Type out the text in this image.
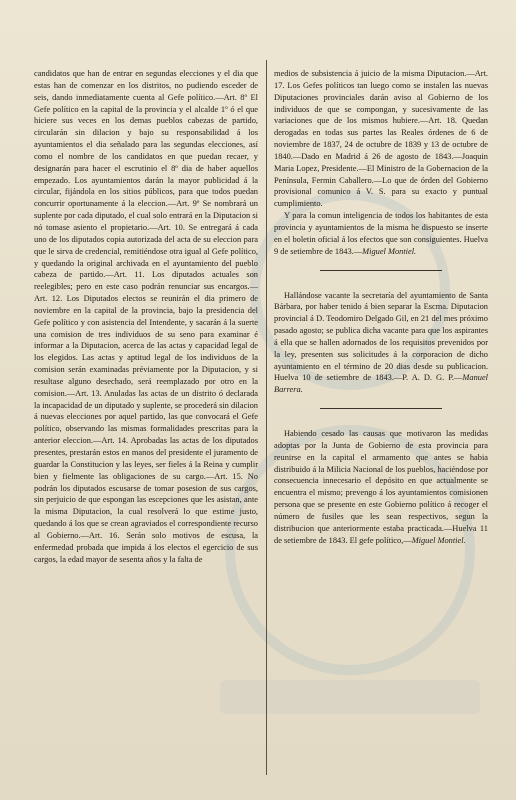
candidatos que han de entrar en segundas elecciones y el dia que estas han de comenzar en los distritos, no pudiendo esceder de seis, dando inmediatamente cuenta al Gefe político.—Art. 8º El Gefe político en la capital de la provincia y el alcalde 1º ó el que hiciere sus veces en los demas pueblos cabezas de partido, circularán sin dilacion y bajo su responsabilidad á los ayuntamientos el dia señalado para las segundas elecciones, así como el nombre de los candidatos en que puedan recaer, y designarán para hacer el escrutinio el 8º dia de haber aquellos empezado. Los ayuntamientos darán la mayor publicidad á la circular, fijándola en los sitios públicos, para que todos puedan concurrir oportunamente á la eleccion.—Art. 9º Se nombrará un suplente por cada diputado, el cual solo entrará en la Diputacion si nó tomase asiento el propietario.—Art. 10. Se entregará á cada uno de los diputados copia autorizada del acta de su eleccion para que le sirva de credencial, remitiéndose otra igual al Gefe político, y quedando la original archivada en el ayuntamiento del pueblo cabeza de partido.—Art. 11. Los diputados actuales son reelegibles; pero en este caso podrán renunciar sus encargos.—Art. 12. Los Diputados electos se reunirán el dia primero de noviembre en la capital de la provincia, bajo la presidencia del Gefe político y con asistencia del Intendente, y sacarán á la suerte una comision de tres individuos de su seno para examinar é informar a la Diputacion, acerca de las actas y capacidad legal de los elegidos. Las actas y aptitud legal de los individuos de la comision serán examinadas préviamente por la Diputacion, y si resultase alguno desechado, será reemplazado por otro en la comision.—Art. 13. Anuladas las actas de un distrito ó declarada la incapacidad de un diputado y suplente, se procederá sin dilacion á nuevas elecciones por aquel partido, las que convocará el Gefe político, observando las mismas formalidades prescritas para la anterior eleccion.—Art. 14. Aprobadas las actas de los diputados presentes, prestarán estos en manos del presidente el juramento de guardar la Constitucion y las leyes, ser fieles á la Reina y cumplir bien y fielmente las obligaciones de su cargo.—Art. 15. No podrán los diputados escusarse de tomar posesion de sus cargos, sin perjuicio de que espongan las escepciones que les asistan, ante la misma Diputacion, la cual resolverá lo que estime justo, quedando á los que se crean agraviados el correspondiente recurso al Gobierno.—Art. 16. Serán solo motivos de escusa, la enfermedad probada que impida á los electos el egercicio de sus cargos, la edad mayor de sesenta años y la falta de

medios de subsistencia á juicio de la misma Diputacion.—Art. 17. Los Gefes políticos tan luego como se instalen las nuevas Diputaciones provinciales darán aviso al Gobierno de los individuos de que se compongan, y sucesivamente de las variaciones que de los mismos hubiere.—Art. 18. Quedan derogadas en todas sus partes las Reales órdenes de 6 de noviembre de 1837, 24 de octubre de 1839 y 13 de octubre de 1840.—Dado en Madrid á 26 de agosto de 1843.—Joaquin Maria Lopez, Presidente.—El Ministro de la Gobernacion de la Península, Fermin Caballero.—Lo que de órden del Gobierno provisional comunico á V. S. para su exacto y puntual cumplimiento.

Y para la comun inteligencia de todos los habitantes de esta provincia y ayuntamientos de la misma he dispuesto se inserte en el boletin oficial á los efectos que son consiguientes. Huelva 9 de setiembre de 1843.—Miguel Montiel.

Hallándose vacante la secretaría del ayuntamiento de Santa Bárbara, por haber tenido á bien separar la Escma. Diputacion provincial á D. Teodomiro Delgado Gil, en 21 del mes próximo pasado agosto; se publica dicha vacante para que los aspirantes á ella que se hallen adornados de los requisitos prevenidos por la ley, presenten sus solicitudes á la corporacion de dicho ayuntamiento en el término de 20 dias desde su publicacion. Huelva 10 de setiembre de 1843.—P. A. D. G. P.—Manuel Barrera.

Habiendo cesado las causas que motivaron las medidas adoptas por la Junta de Gobierno de esta provincia para reunirse en la capital el armamento que antes se habia distribuido á la Milicia Nacional de los pueblos, haciéndose por consecuencia innecesario el depósito en que actualmente se encuentra el mismo; prevengo á los ayuntamientos comisionen persona que se presente en este Gobierno político á recoger el número de fusiles que les sean respectivos, segun la distribucion que anteriormente estaba practicada.—Huelva 11 de setiembre de 1843. El gefe político,—Miguel Montiel.
